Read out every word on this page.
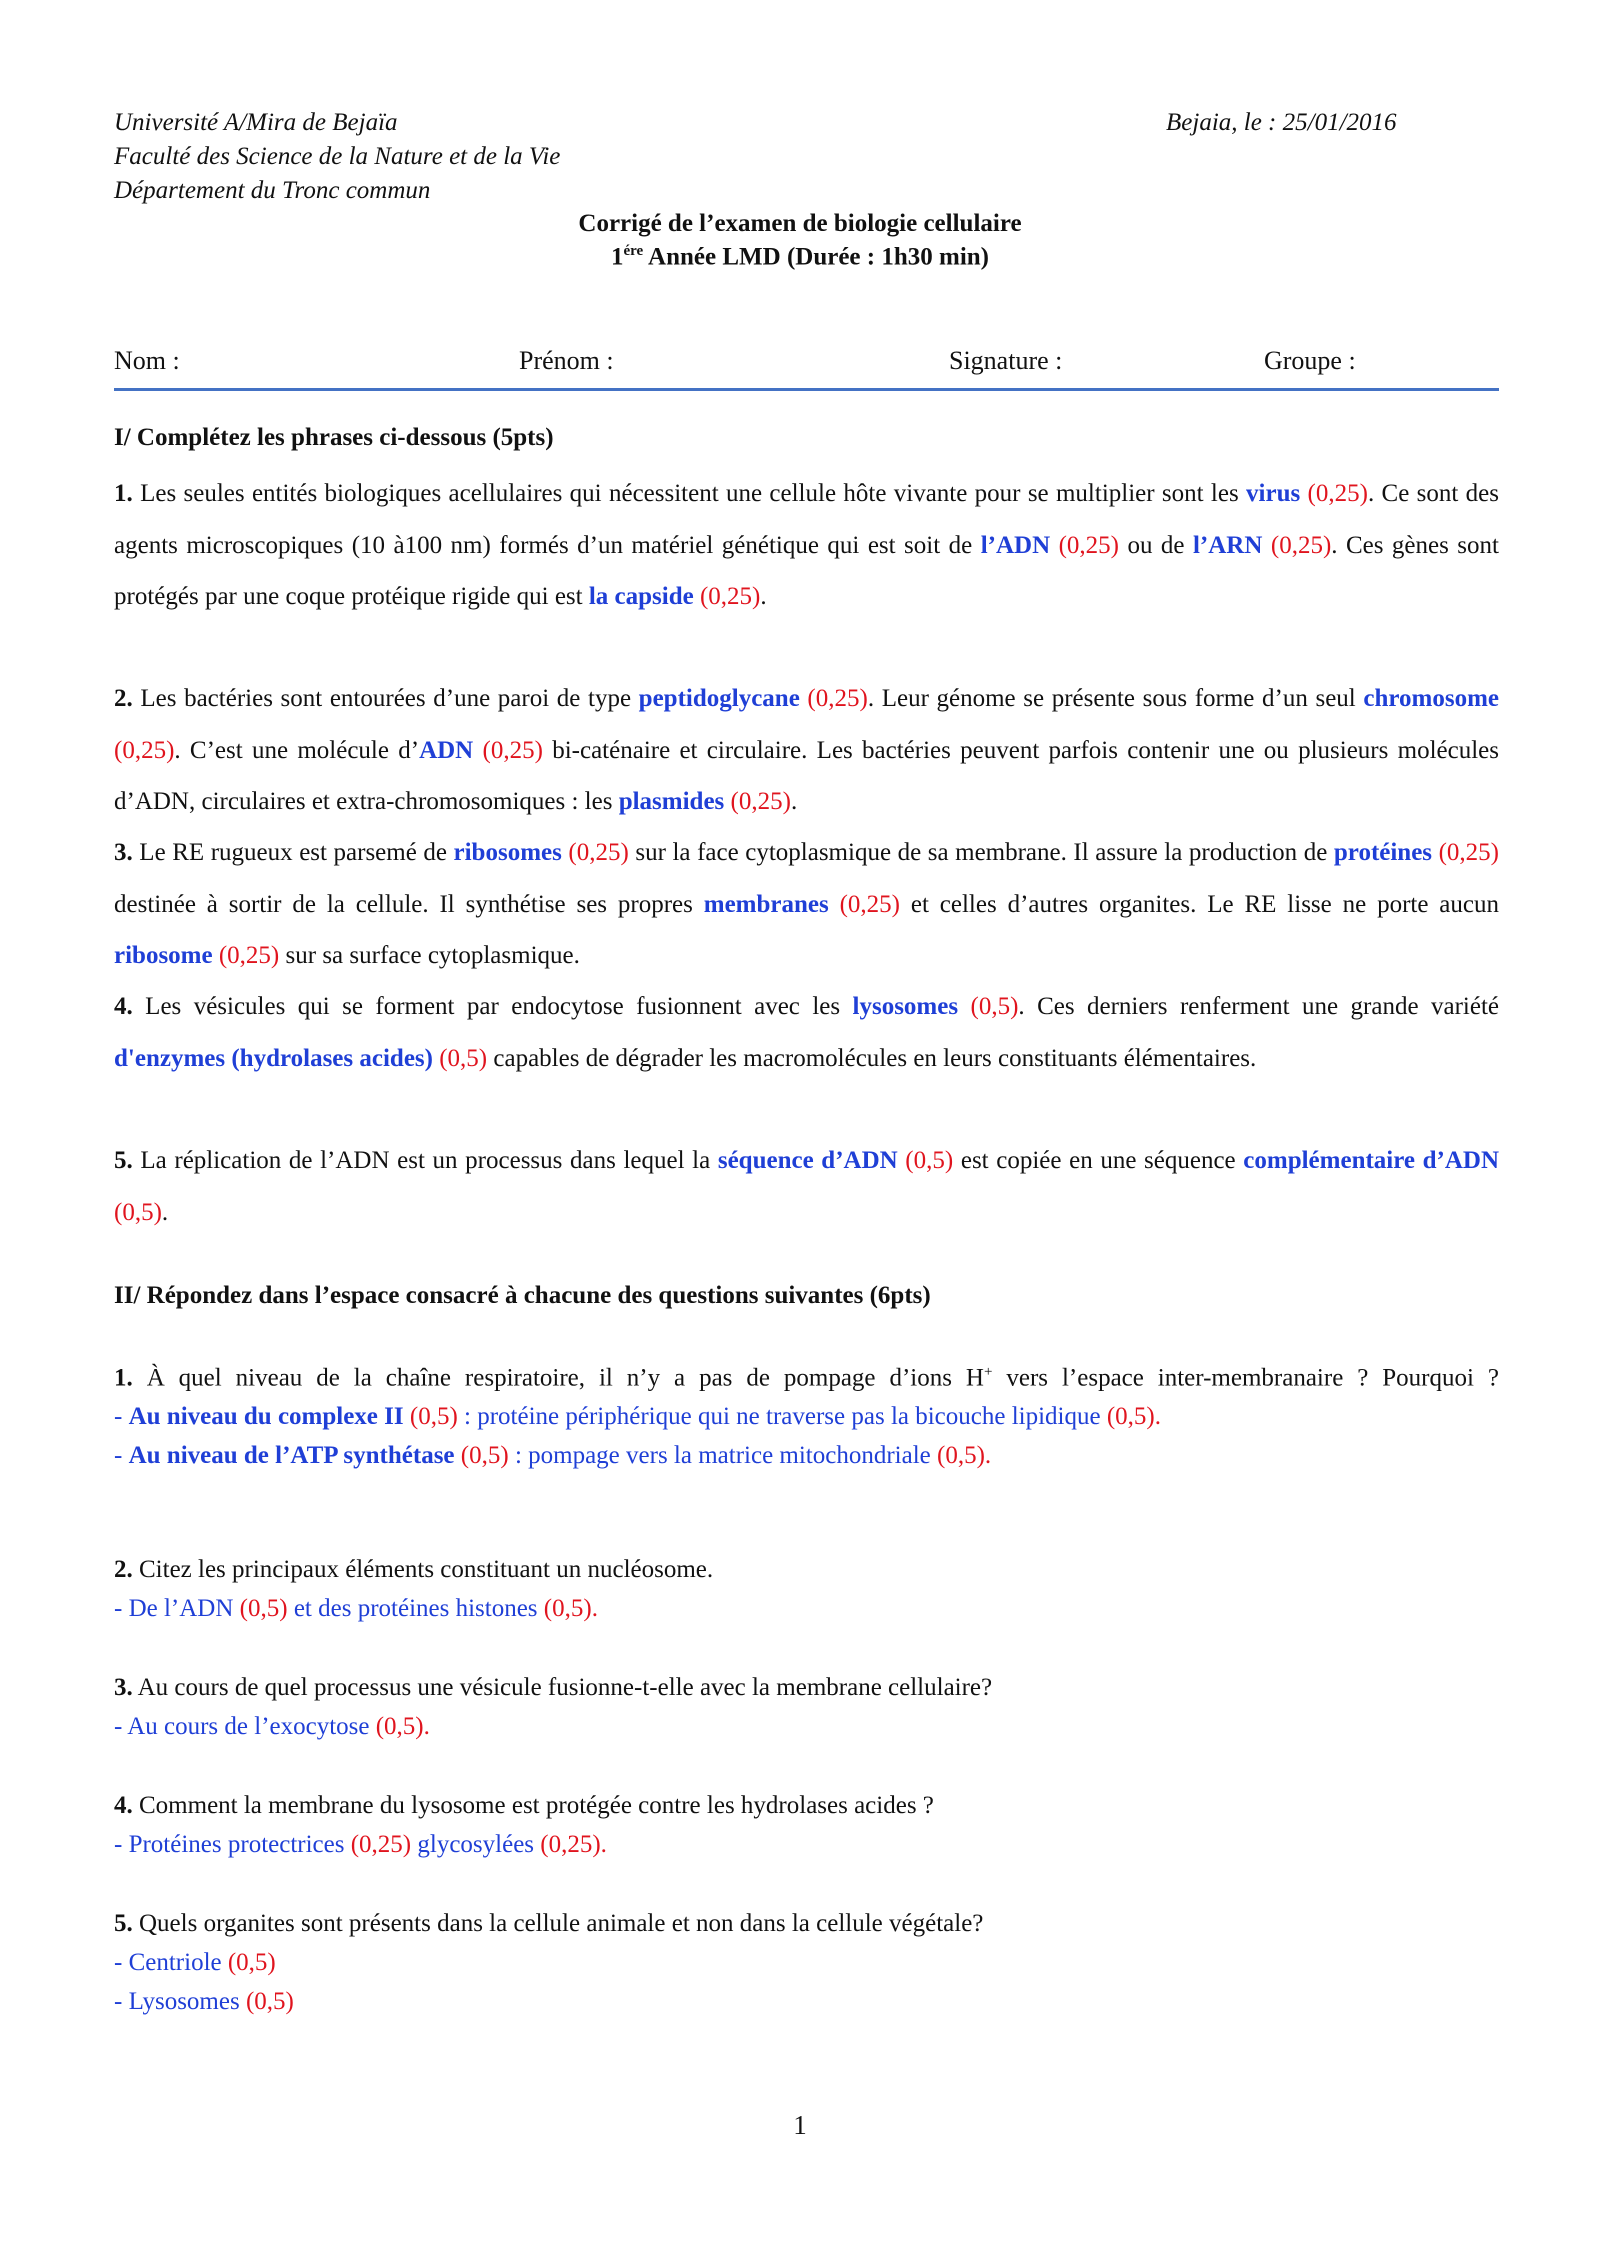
Université A/Mira de Bejaïa
Faculté des Science de la Nature et de la Vie
Département du Tronc commun
Bejaia, le : 25/01/2016
Corrigé de l’examen de biologie cellulaire
$1^{ére}$ Année LMD (Durée : 1h30 min)
Nom :	Prénom :	Signature :	Groupe :
I/ Complétez les phrases ci-dessous (5pts)
1. Les seules entités biologiques acellulaires qui nécessitent une cellule hôte vivante pour se multiplier sont les virus (0,25). Ce sont des agents microscopiques (10 à100 nm) formés d’un matériel génétique qui est soit de l’ADN (0,25) ou de l’ARN (0,25). Ces gènes sont protégés par une coque protéique rigide qui est la capside (0,25).
2. Les bactéries sont entourées d’une paroi de type peptidoglycane (0,25). Leur génome se présente sous forme d’un seul chromosome (0,25). C’est une molécule d’ADN (0,25) bi-caténaire et circulaire. Les bactéries peuvent parfois contenir une ou plusieurs molécules d’ADN, circulaires et extra-chromosomiques : les plasmides (0,25).
3. Le RE rugueux est parsemé de ribosomes (0,25) sur la face cytoplasmique de sa membrane. Il assure la production de protéines (0,25) destinée à sortir de la cellule. Il synthétise ses propres membranes (0,25) et celles d’autres organites. Le RE lisse ne porte aucun ribosome (0,25) sur sa surface cytoplasmique.
4. Les vésicules qui se forment par endocytose fusionnent avec les lysosomes (0,5). Ces derniers renferment une grande variété d'enzymes (hydrolases acides) (0,5) capables de dégrader les macromolécules en leurs constituants élémentaires.
5. La réplication de l’ADN est un processus dans lequel la séquence d’ADN (0,5) est copiée en une séquence complémentaire d’ADN (0,5).
II/ Répondez dans l’espace consacré à chacune des questions suivantes (6pts)
1. À quel niveau de la chaîne respiratoire, il n’y a pas de pompage d’ions H+ vers l’espace inter-membranaire ? Pourquoi ?
- Au niveau du complexe II (0,5) : protéine périphérique qui ne traverse pas la bicouche lipidique (0,5).
- Au niveau de l’ATP synthétase (0,5) : pompage vers la matrice mitochondriale (0,5).
2. Citez les principaux éléments constituant un nucléosome.
- De l’ADN (0,5) et des protéines histones (0,5).
3. Au cours de quel processus une vésicule fusionne-t-elle avec la membrane cellulaire?
- Au cours de l’exocytose (0,5).
4. Comment la membrane du lysosome est protégée contre les hydrolases acides ?
- Protéines protectrices (0,25) glycosylées (0,25).
5. Quels organites sont présents dans la cellule animale et non dans la cellule végétale?
- Centriole (0,5)
- Lysosomes (0,5)
1
